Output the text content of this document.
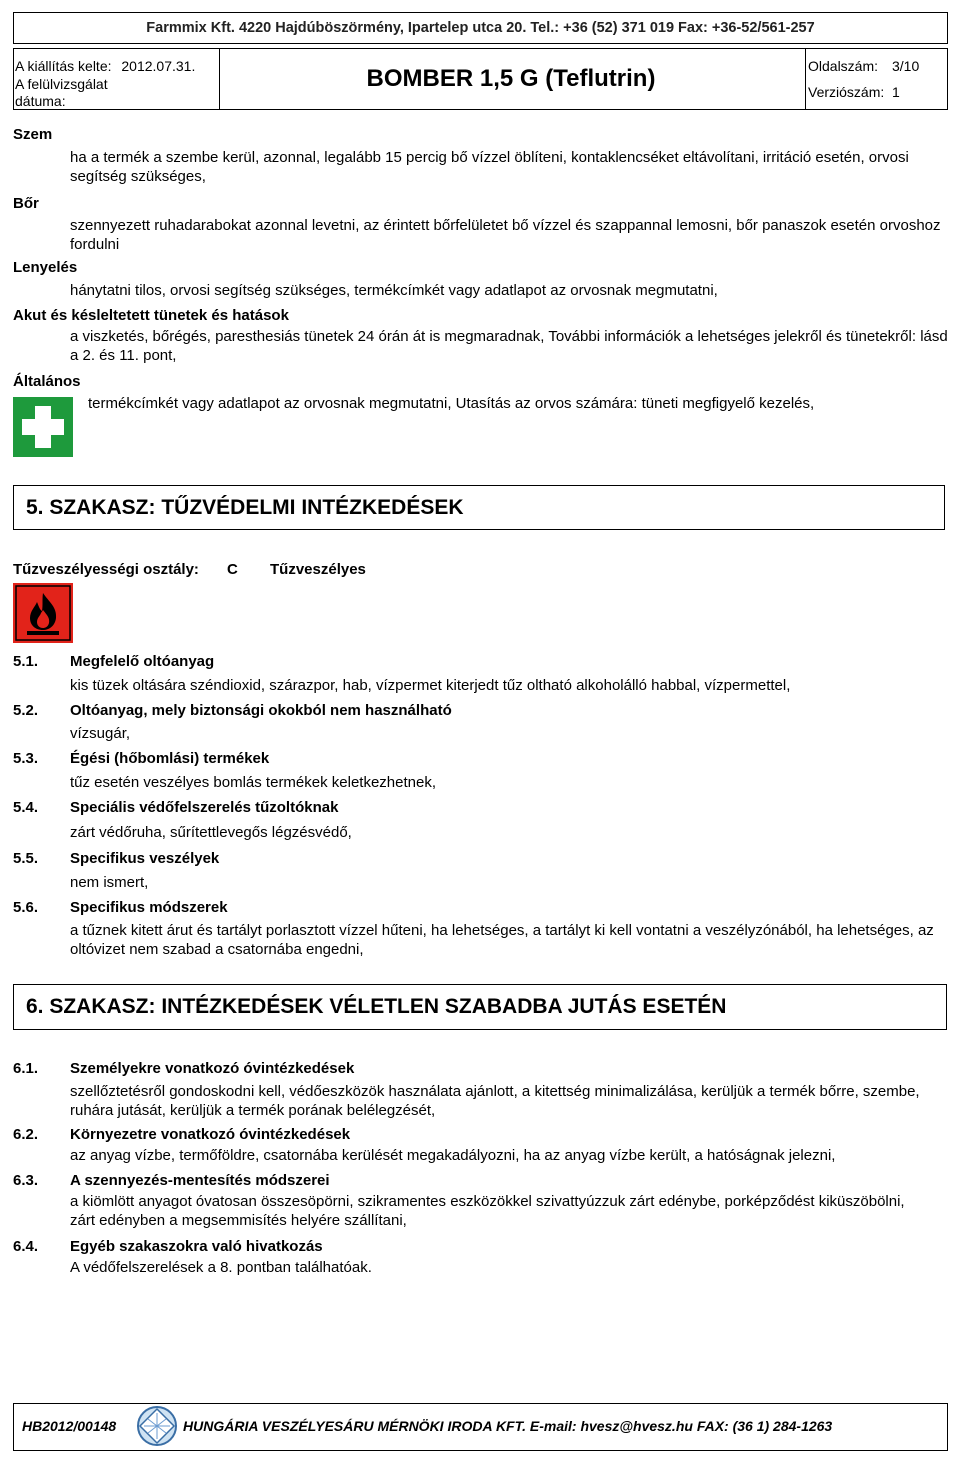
Farmmix Kft. 4220 Hajdúböszörmény, Ipartelep utca 20. Tel.: +36 (52) 371 019 Fax: +36-52/561-257
A kiállítás kelte: 2012.07.31.
A felülvizsgálat
dátuma:
BOMBER 1,5 G (Teflutrin)	Oldalszám: 3/10
Verziószám: 1
Szem
ha a termék a szembe kerül, azonnal, legalább 15 percig bő vízzel öblíteni, kontaklencséket eltávolítani, irritáció esetén, orvosi segítség szükséges,
Bőr
szennyezett ruhadarabokat azonnal levetni, az érintett bőrfelületet bő vízzel és szappannal lemosni, bőr panaszok esetén orvoshoz fordulni
Lenyelés
hánytatni tilos, orvosi segítség szükséges, termékcímkét vagy adatlapot az orvosnak megmutatni,
Akut és késleltetett tünetek és hatások
a viszketés, bőrégés, paresthesiás tünetek 24 órán át is megmaradnak, További információk a lehetséges jelekről és tünetekről: lásd a 2. és 11. pont,
Általános
termékcímkét vagy adatlapot az orvosnak megmutatni, Utasítás az orvos számára: tüneti megfigyelő kezelés,
5. SZAKASZ: TŰZVÉDELMI INTÉZKEDÉSEK
Tűzveszélyességi osztály: C Tűzveszélyes
5.1. Megfelelő oltóanyag
kis tüzek oltására széndioxid, szárazpor, hab, vízpermet kiterjedt tűz oltható alkoholálló habbal, vízpermettel,
5.2. Oltóanyag, mely biztonsági okokból nem használható
vízsugár,
5.3. Égési (hőbomlási) termékek
tűz esetén veszélyes bomlás termékek keletkezhetnek,
5.4. Speciális védőfelszerelés tűzoltóknak
zárt védőruha, sűrítettlevegős légzésvédő,
5.5. Specifikus veszélyek
nem ismert,
5.6. Specifikus módszerek
a tűznek kitett árut és tartályt porlasztott vízzel hűteni, ha lehetséges, a tartályt ki kell vontatni a veszélyzónából, ha lehetséges, az oltóvizet nem szabad a csatornába engedni,
6. SZAKASZ: INTÉZKEDÉSEK VÉLETLEN SZABADBA JUTÁS ESETÉN
6.1. Személyekre vonatkozó óvintézkedések
szellőztetésről gondoskodni kell, védőeszközök használata ajánlott, a kitettség minimalizálása, kerüljük a termék bőrre, szembe, ruhára jutását, kerüljük a termék porának belélegzését,
6.2. Környezetre vonatkozó óvintézkedések
az anyag vízbe, termőföldre, csatornába kerülését megakadályozni, ha az anyag vízbe került, a hatóságnak jelezni,
6.3. A szennyezés-mentesítés módszerei
a kiömlött anyagot óvatosan összesöpörni, szikramentes eszközökkel szivattyúzzuk zárt edénybe, porképződést kiküszöbölni, zárt edényben a megsemmisítés helyére szállítani,
6.4. Egyéb szakaszokra való hivatkozás
A védőfelszerelések a 8. pontban találhatóak.
HB2012/00148	HUNGÁRIA VESZÉLYESÁRU MÉRNÖKI IRODA KFT. E-mail: hvesz@hvesz.hu FAX: (36 1) 284-1263
